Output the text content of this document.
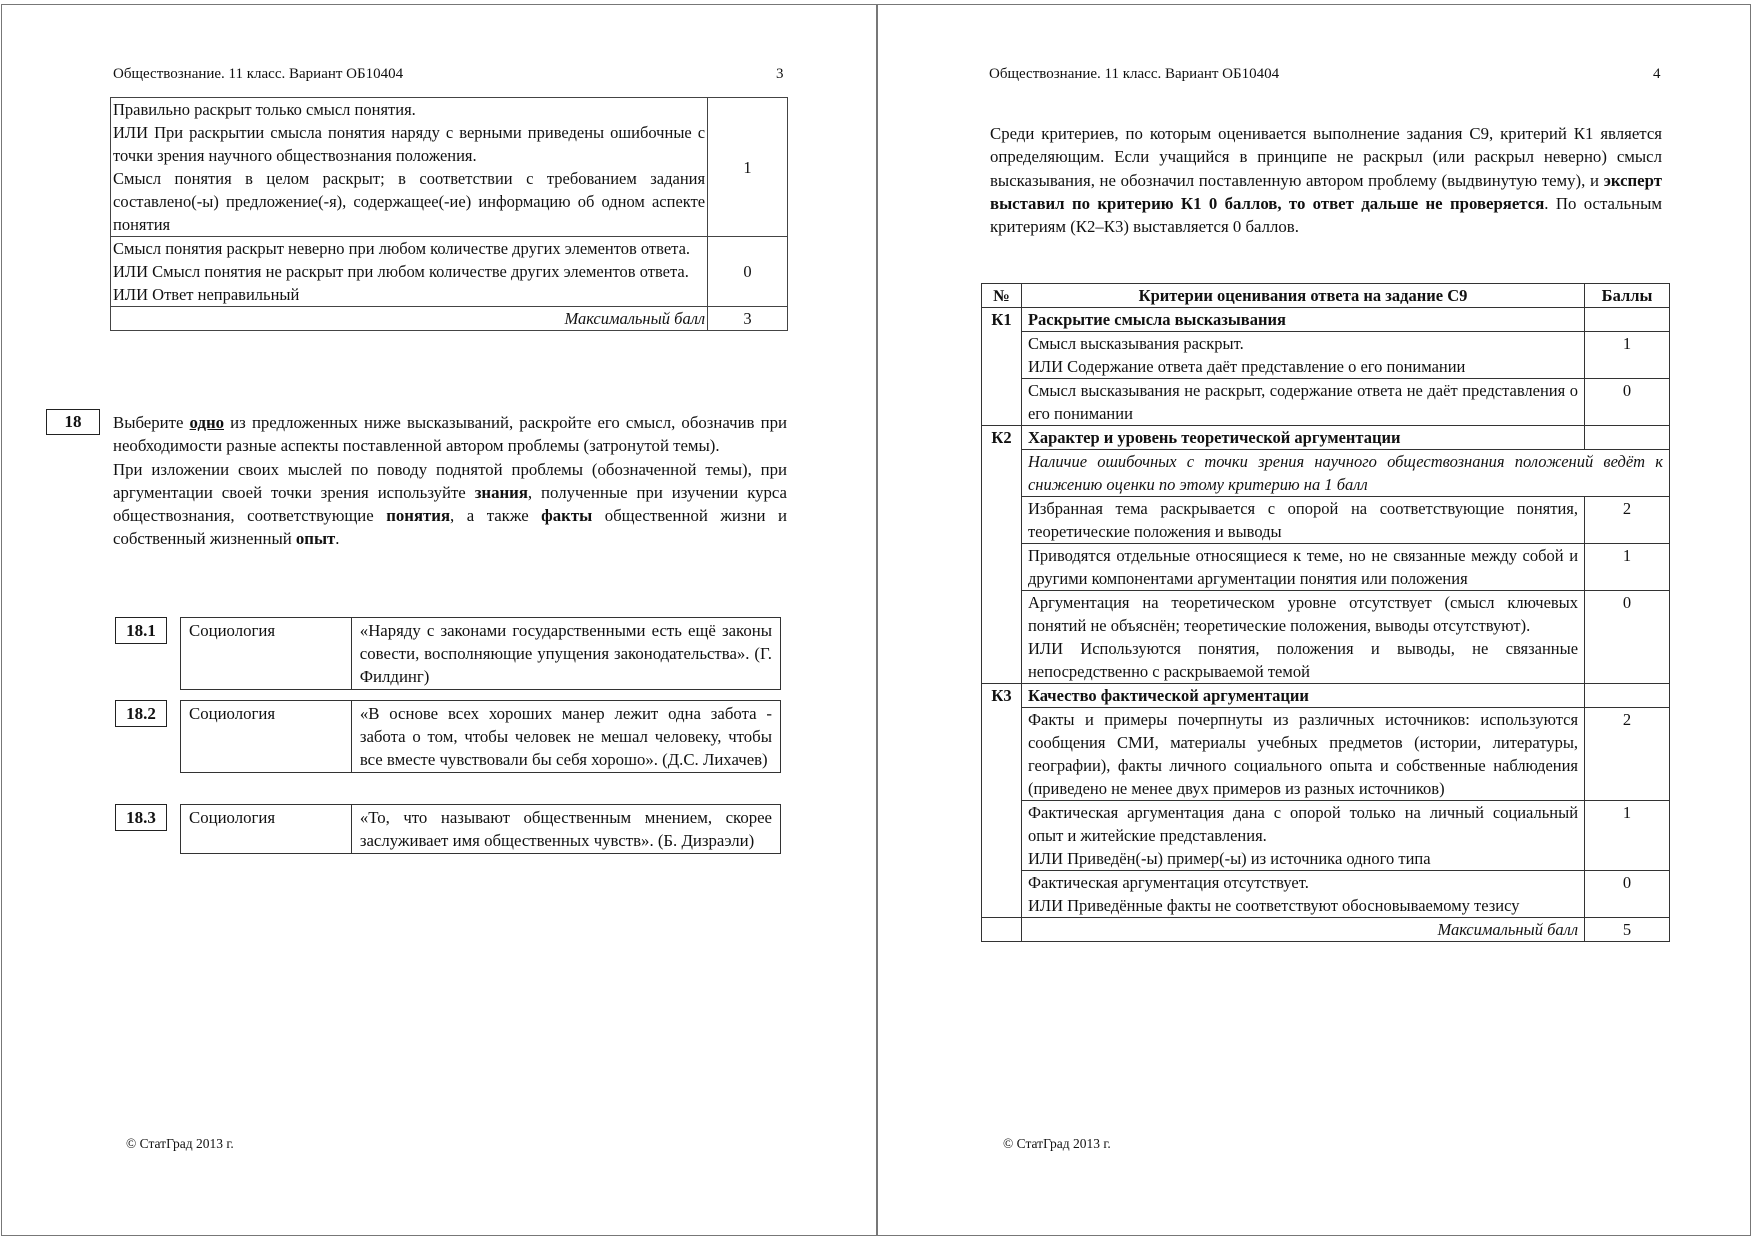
Обществознание. 11 класс. Вариант ОБ10404	3
Правильно раскрыт только смысл понятия.
ИЛИ При раскрытии смысла понятия наряду с верными приведены ошибочные с точки зрения научного обществознания положения.
Смысл понятия в целом раскрыт; в соответствии с требованием задания составлено(-ы) предложение(-я), содержащее(-ие) информацию об одном аспекте понятия	1

Смысл понятия раскрыт неверно при любом количестве других элементов ответа.
ИЛИ Смысл понятия не раскрыт при любом количестве других элементов ответа.
ИЛИ Ответ неправильный	0
Максимальный балл	3
18	Выберите одно из предложенных ниже высказываний, раскройте его смысл, обозначив при необходимости разные аспекты поставленной автором проблемы (затронутой темы).

При изложении своих мыслей по поводу поднятой проблемы (обозначенной темы), при аргументации своей точки зрения используйте знания, полученные при изучении курса обществознания, соответствующие понятия, а также факты общественной жизни и собственный жизненный опыт.

18.1	Социология	«Наряду с законами государственными есть ещё законы совести, восполняющие упущения законодательства». (Г. Филдинг)
18.2	Социология	«В основе всех хороших манер лежит одна забота - забота о том, чтобы человек не мешал человеку, чтобы все вместе чувствовали бы себя хорошо». (Д.С. Лихачев)
18.3	Социология	«То, что называют общественным мнением, скорее заслуживает имя общественных чувств». (Б. Дизраэли)
© СтатГрад 2013 г.
Обществознание. 11 класс. Вариант ОБ10404	4

Среди критериев, по которым оценивается выполнение задания С9, критерий К1 является определяющим. Если учащийся в принципе не раскрыл (или раскрыл неверно) смысл высказывания, не обозначил поставленную автором проблему (выдвинутую тему), и эксперт выставил по критерию К1 0 баллов, то ответ дальше не проверяется. По остальным критериям (К2–К3) выставляется 0 баллов.

№	Критерии оценивания ответа на задание С9	Баллы
К1	Раскрытие смысла высказывания	

	Смысл высказывания раскрыт.
ИЛИ Содержание ответа даёт представление о его понимании	1

	Смысл высказывания не раскрыт, содержание ответа не даёт представления о его понимании	0
К2	Характер и уровень теоретической аргументации	
	Наличие ошибочных с точки зрения научного обществознания положений ведёт к снижению оценки по этому критерию на 1 балл	

	Избранная тема раскрывается с опорой на соответствующие понятия, теоретические положения и выводы	2

	Приводятся отдельные относящиеся к теме, но не связанные между собой и другими компонентами аргументации понятия или положения	1

	Аргументация на теоретическом уровне отсутствует (смысл ключевых понятий не объяснён; теоретические положения, выводы отсутствуют).
ИЛИ Используются понятия, положения и выводы, не связанные непосредственно с раскрываемой темой	0
К3	Качество фактической аргументации	

	Факты и примеры почерпнуты из различных источников: используются сообщения СМИ, материалы учебных предметов (истории, литературы, географии), факты личного социального опыта и собственные наблюдения (приведено не менее двух примеров из разных источников)	2

	Фактическая аргументация дана с опорой только на личный социальный опыт и житейские представления.
ИЛИ Приведён(-ы) пример(-ы) из источника одного типа	1

	Фактическая аргументация отсутствует.
ИЛИ Приведённые факты не соответствуют обосновываемому тезису	0
	Максимальный балл	5
© СтатГрад 2013 г.
